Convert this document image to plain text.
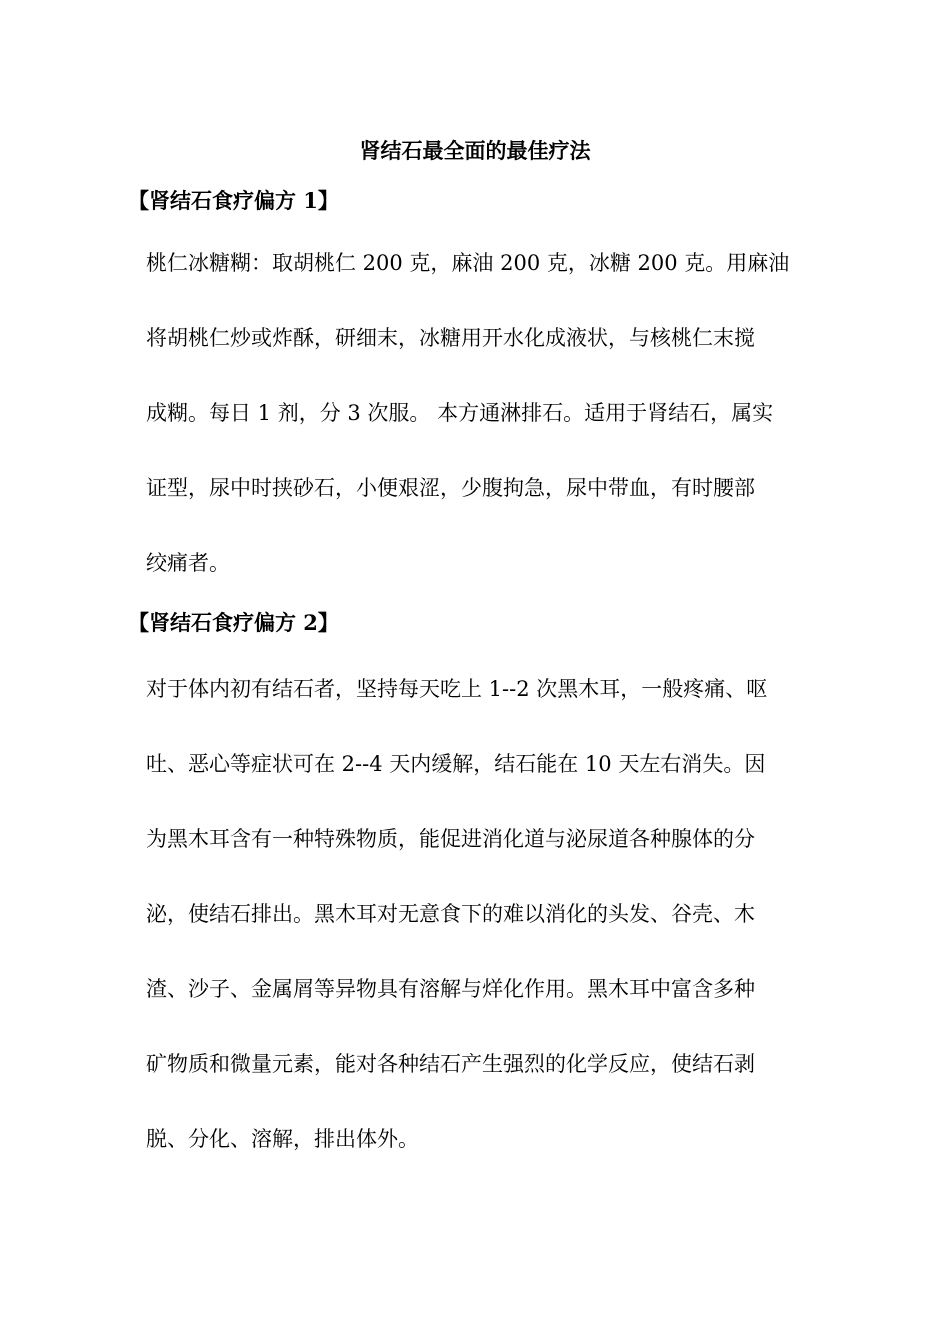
肾结石最全面的最佳疗法
【肾结石食疗偏方 1】
桃仁冰糖糊：取胡桃仁 200 克，麻油 200 克，冰糖 200 克。用麻油
将胡桃仁炒或炸酥，研细末，冰糖用开水化成液状，与核桃仁末搅
成糊。每日 1 剂，分 3 次服。 本方通淋排石。适用于肾结石，属实
证型，尿中时挟砂石，小便艰涩，少腹拘急，尿中带血，有时腰部
绞痛者。
【肾结石食疗偏方 2】
对于体内初有结石者，坚持每天吃上 1--2 次黑木耳，一般疼痛、呕
吐、恶心等症状可在 2--4 天内缓解，结石能在 10 天左右消失。因
为黑木耳含有一种特殊物质，能促进消化道与泌尿道各种腺体的分
泌，使结石排出。黑木耳对无意食下的难以消化的头发、谷壳、木
渣、沙子、金属屑等异物具有溶解与烊化作用。黑木耳中富含多种
矿物质和微量元素，能对各种结石产生强烈的化学反应，使结石剥
脱、分化、溶解，排出体外。
